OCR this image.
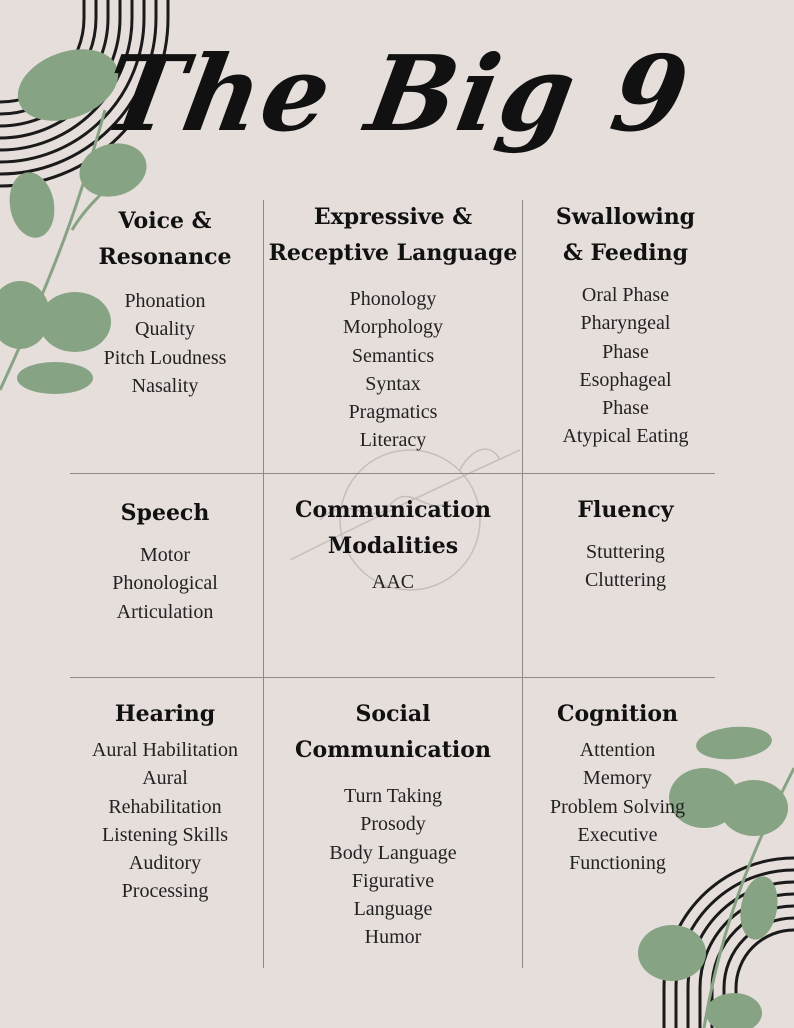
The Big 9
Voice &
Resonance
Phonation
Quality
Pitch Loudness
Nasality
Expressive &
Receptive Language
Phonology
Morphology
Semantics
Syntax
Pragmatics
Literacy
Swallowing
& Feeding
Oral Phase
Pharyngeal
Phase
Esophageal
Phase
Atypical Eating
Speech
Motor
Phonological
Articulation
Communication
Modalities
AAC
Fluency
Stuttering
Cluttering
Hearing
Aural Habilitation
Aural
Rehabilitation
Listening Skills
Auditory
Processing
Social
Communication
Turn Taking
Prosody
Body Language
Figurative
Language
Humor
Cognition
Attention
Memory
Problem Solving
Executive
Functioning
